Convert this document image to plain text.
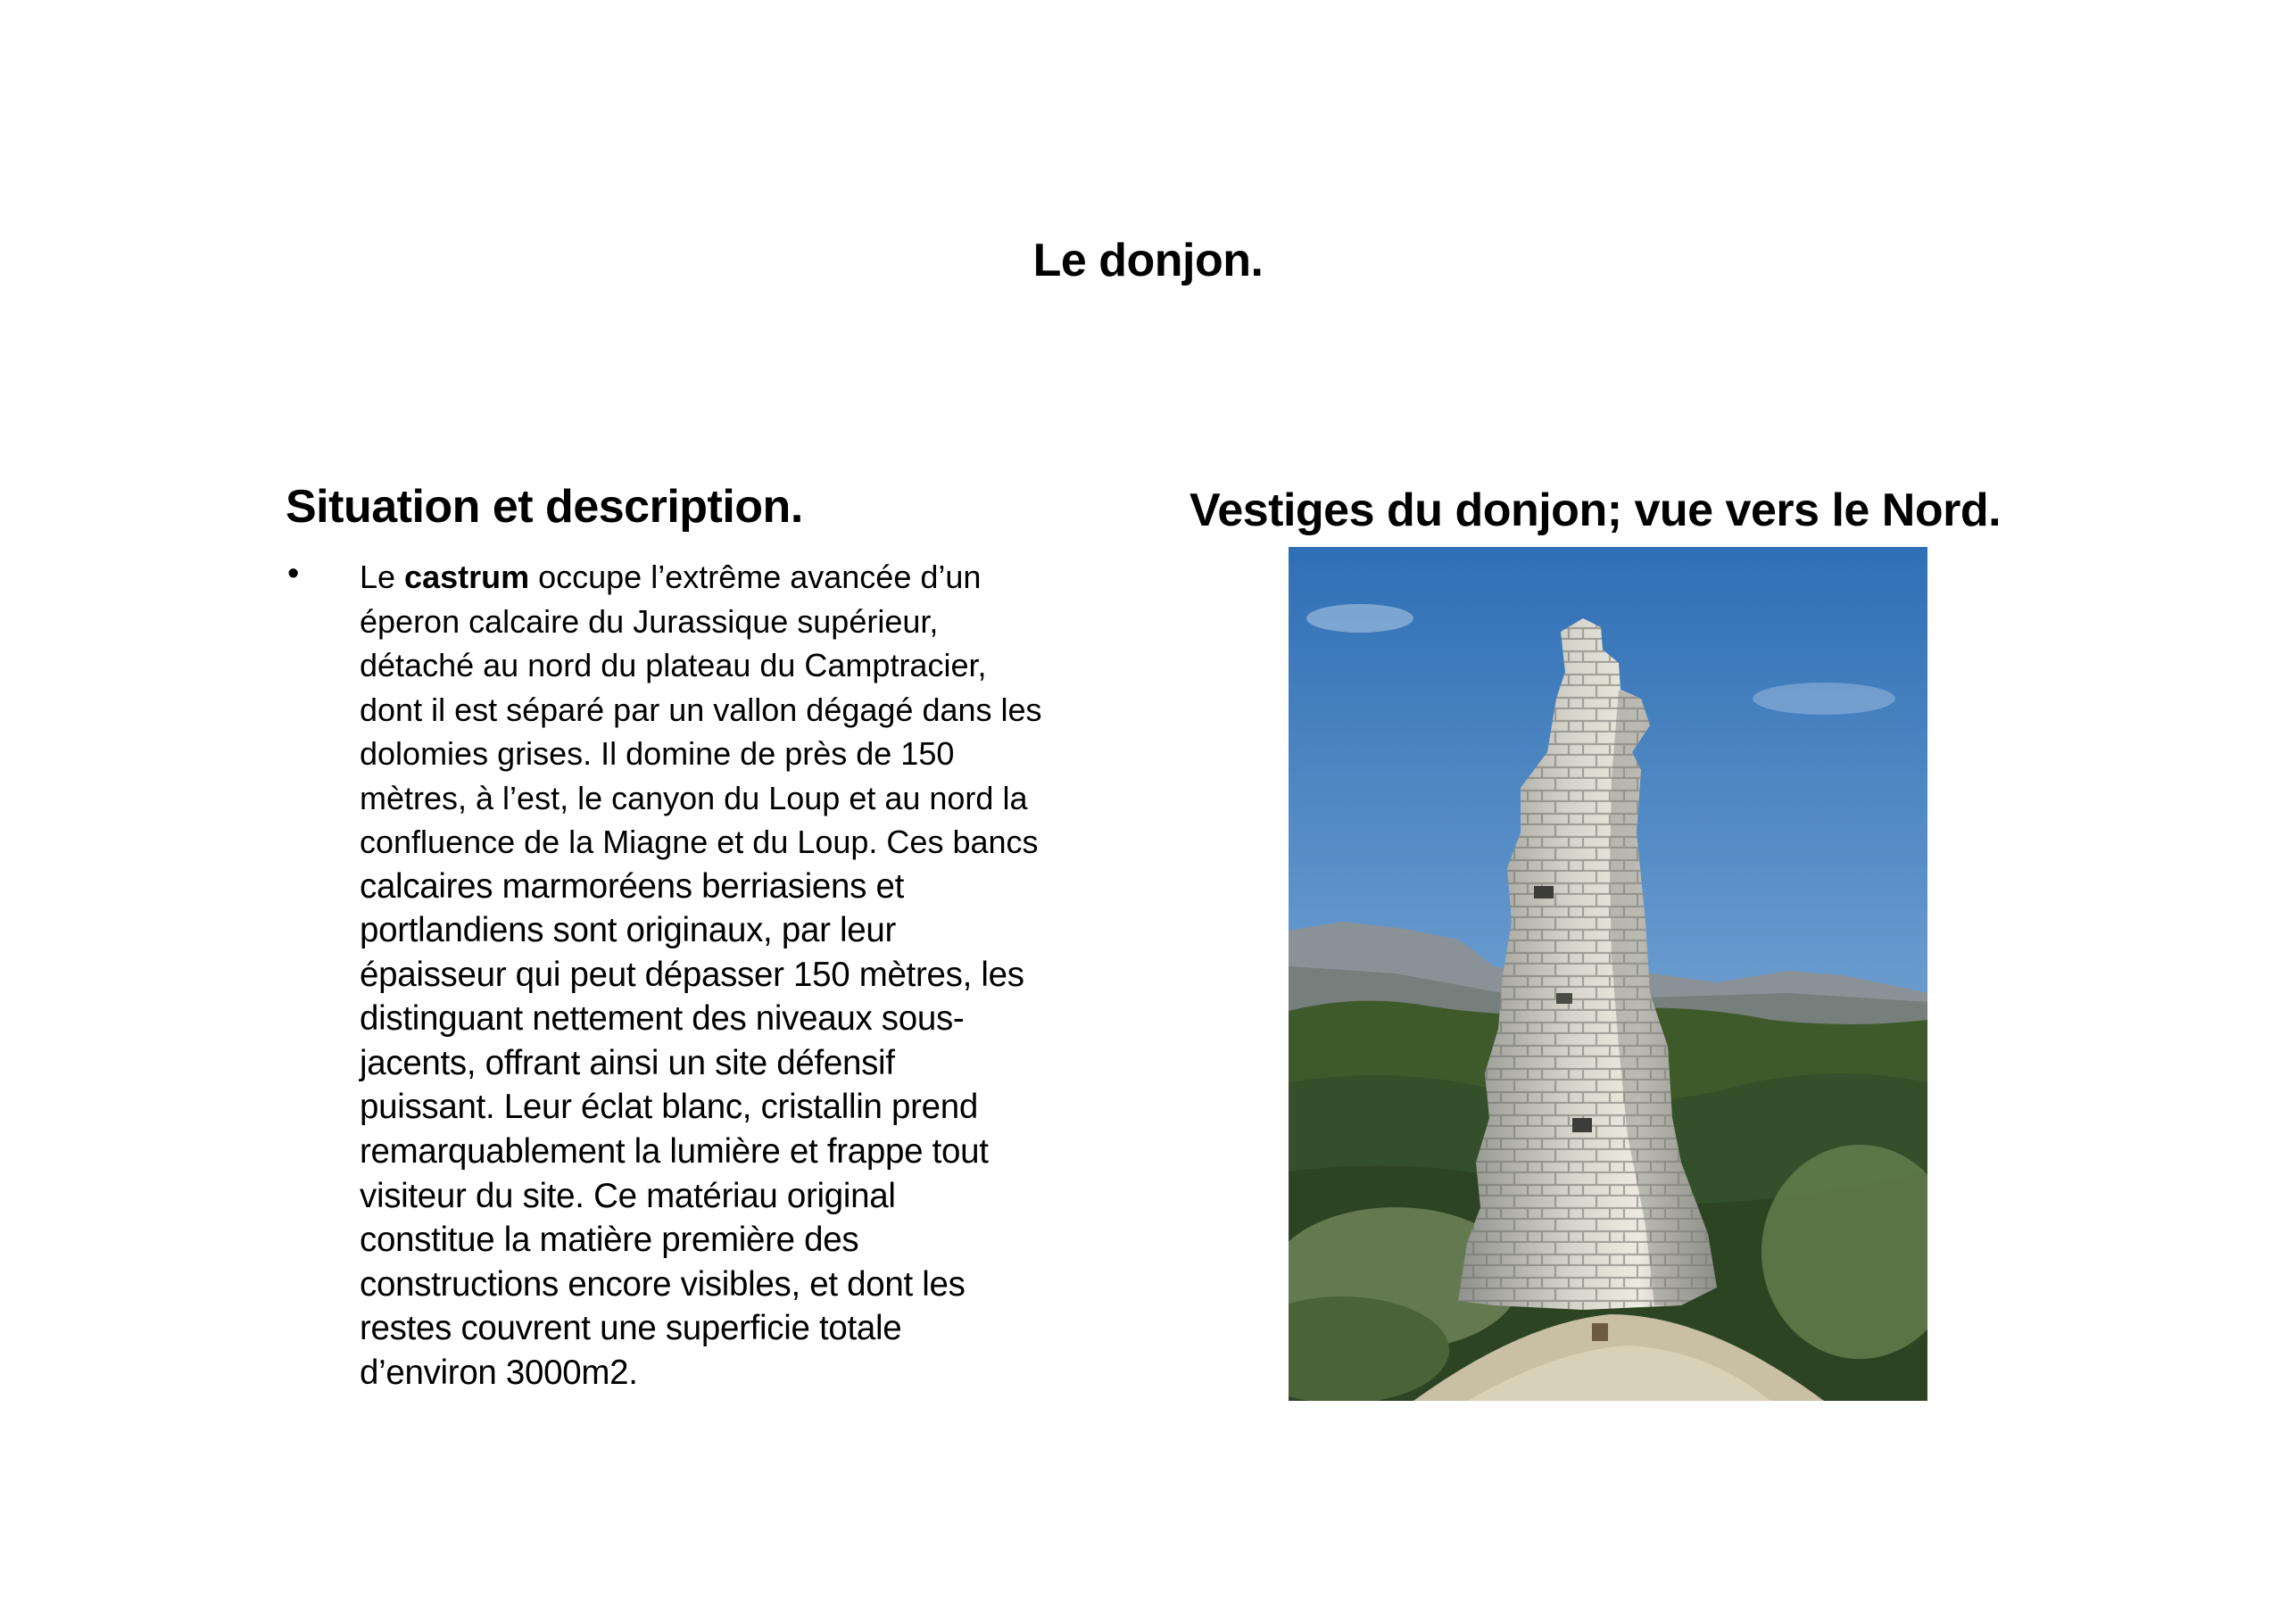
Le donjon.
Situation et description.
• Le castrum occupe l’extrême avancée d’un
éperon calcaire du Jurassique supérieur,
détaché au nord du plateau du Camptracier,
dont il est séparé par un vallon dégagé dans les
dolomies grises. Il domine de près de 150
mètres, à l’est, le canyon du Loup et au nord la
confluence de la Miagne et du Loup. Ces bancs
calcaires marmoréens berriasiens et
portlandiens sont originaux, par leur
épaisseur qui peut dépasser 150 mètres, les
distinguant nettement des niveaux sous-
jacents, offrant ainsi un site défensif
puissant. Leur éclat blanc, cristallin prend
remarquablement la lumière et frappe tout
visiteur du site. Ce matériau original
constitue la matière première des
constructions encore visibles, et dont les
restes couvrent une superficie totale
d’environ 3000m2.
Vestiges du donjon; vue vers le Nord.
